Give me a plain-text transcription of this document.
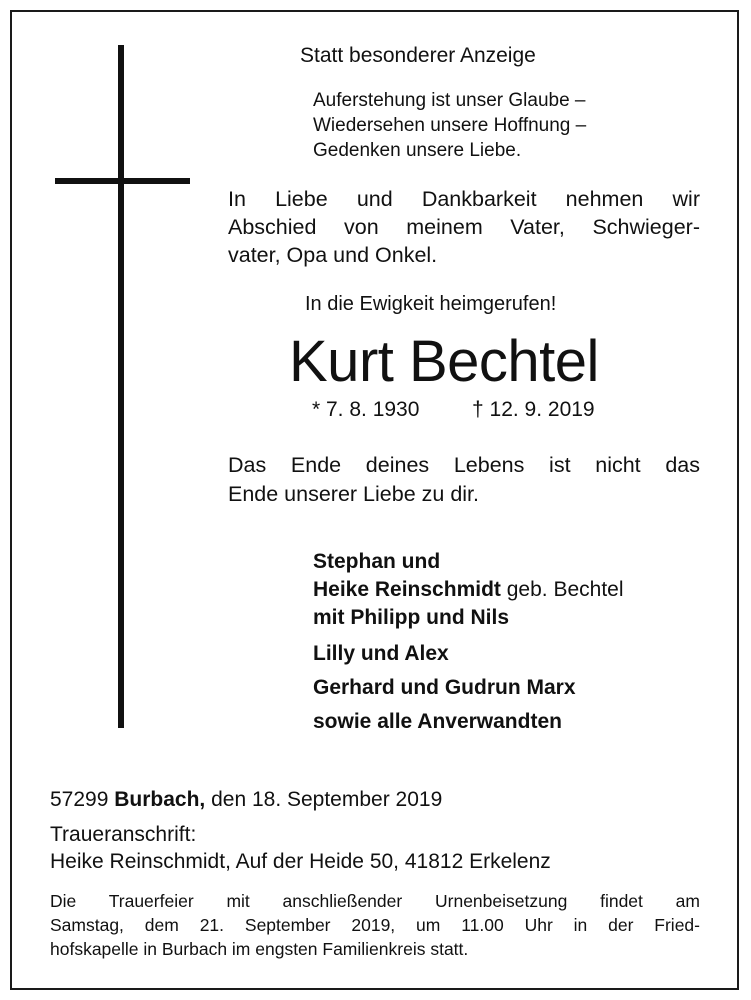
Statt besonderer Anzeige

Auferstehung ist unser Glaube –
Wiedersehen unsere Hoffnung –
Gedenken unsere Liebe.
In Liebe und Dankbarkeit nehmen wir
Abschied von meinem Vater, Schwieger-
vater, Opa und Onkel.

In die Ewigkeit heimgerufen!

Kurt Bechtel

* 7. 8. 1930	† 12. 9. 2019

Das Ende deines Lebens ist nicht das
Ende unserer Liebe zu dir.
Stephan und
Heike Reinschmidt geb. Bechtel
mit Philipp und Nils
Lilly und Alex
Gerhard und Gudrun Marx
sowie alle Anverwandten

57299 Burbach, den 18. September 2019

Traueranschrift:

Heike Reinschmidt, Auf der Heide 50, 41812 Erkelenz

Die Trauerfeier mit anschließender Urnenbeisetzung findet am
Samstag, dem 21. September 2019, um 11.00 Uhr in der Fried-
hofskapelle in Burbach im engsten Familienkreis statt.
